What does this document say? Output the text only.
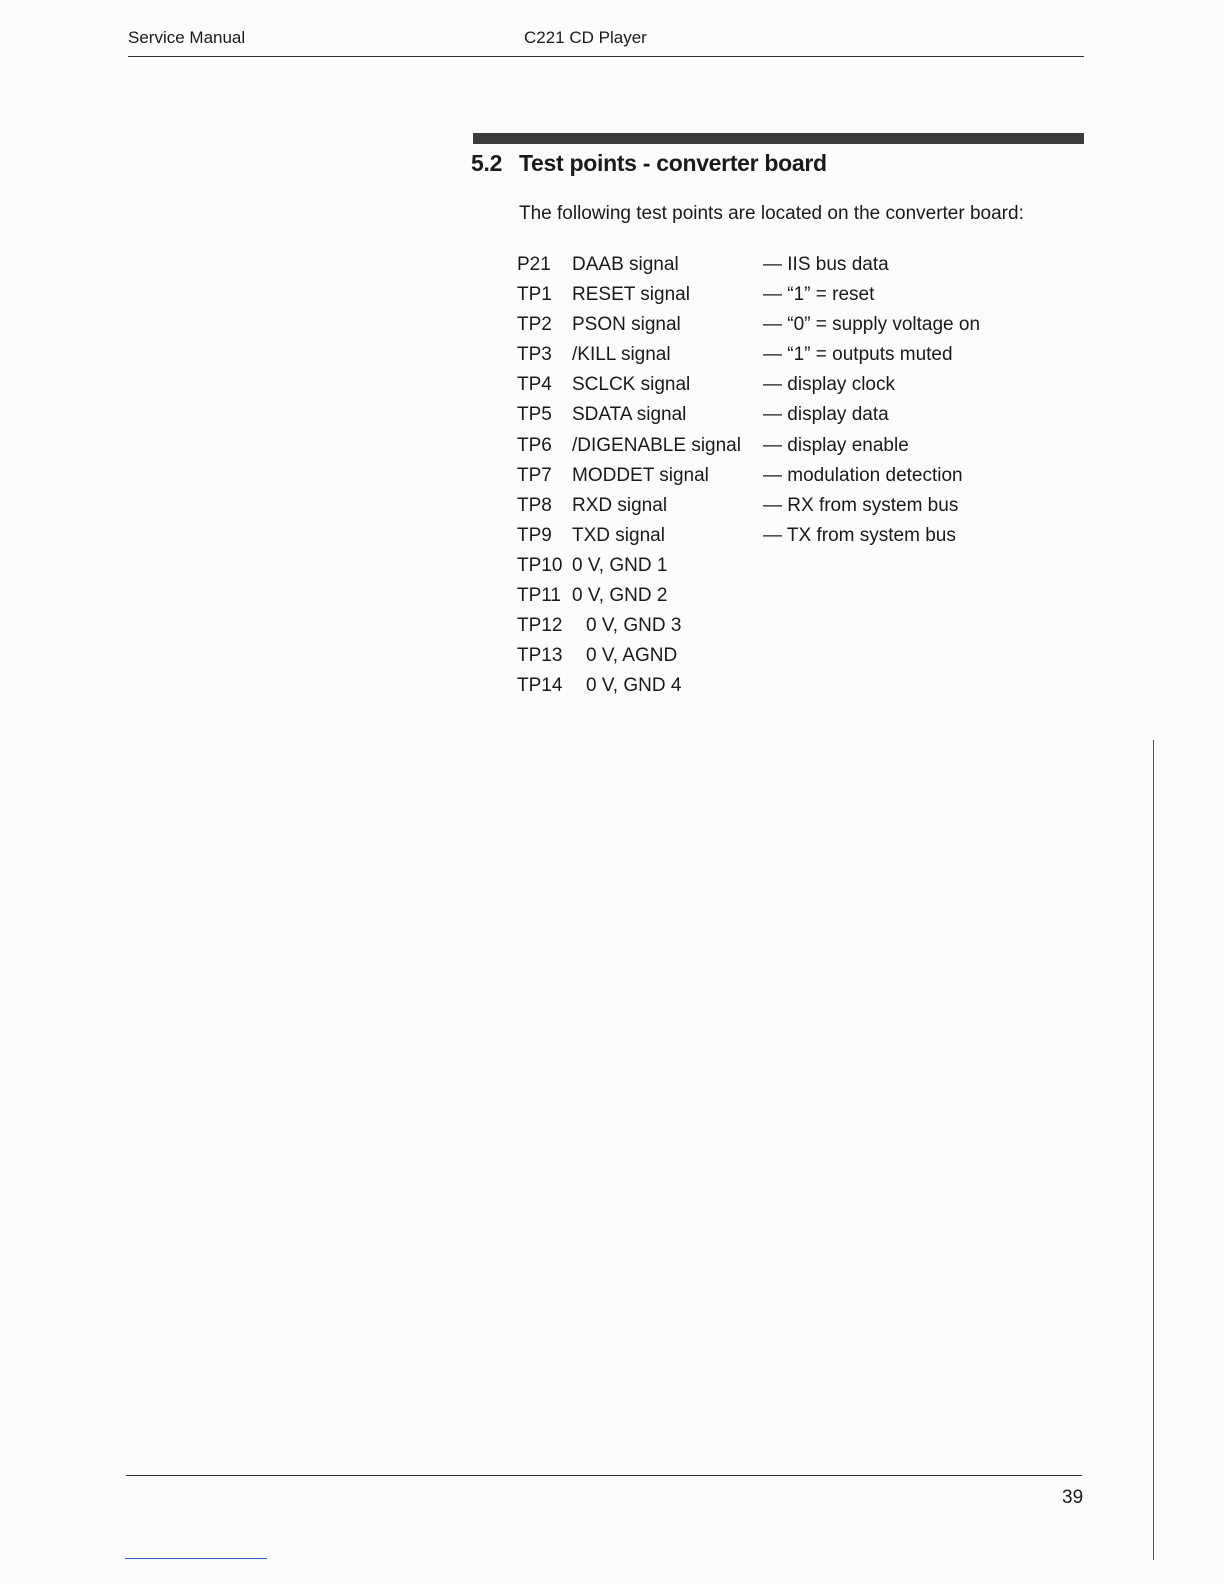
Service Manual	C221 CD Player
5.2 Test points - converter board
The following test points are located on the converter board:
P21 DAAB signal	— IIS bus data
TP1 RESET signal	— “1” = reset
TP2 PSON signal	— “0” = supply voltage on
TP3 /KILL signal	— “1” = outputs muted
TP4 SCLCK signal	— display clock
TP5 SDATA signal	— display data
TP6 /DIGENABLE signal — display enable
TP7 MODDET signal	— modulation detection
TP8 RXD signal	— RX from system bus
TP9 TXD signal	— TX from system bus
TP10 0 V, GND 1
TP11 0 V, GND 2
TP12 0 V, GND 3
TP13 0 V, AGND
TP14 0 V, GND 4
39
